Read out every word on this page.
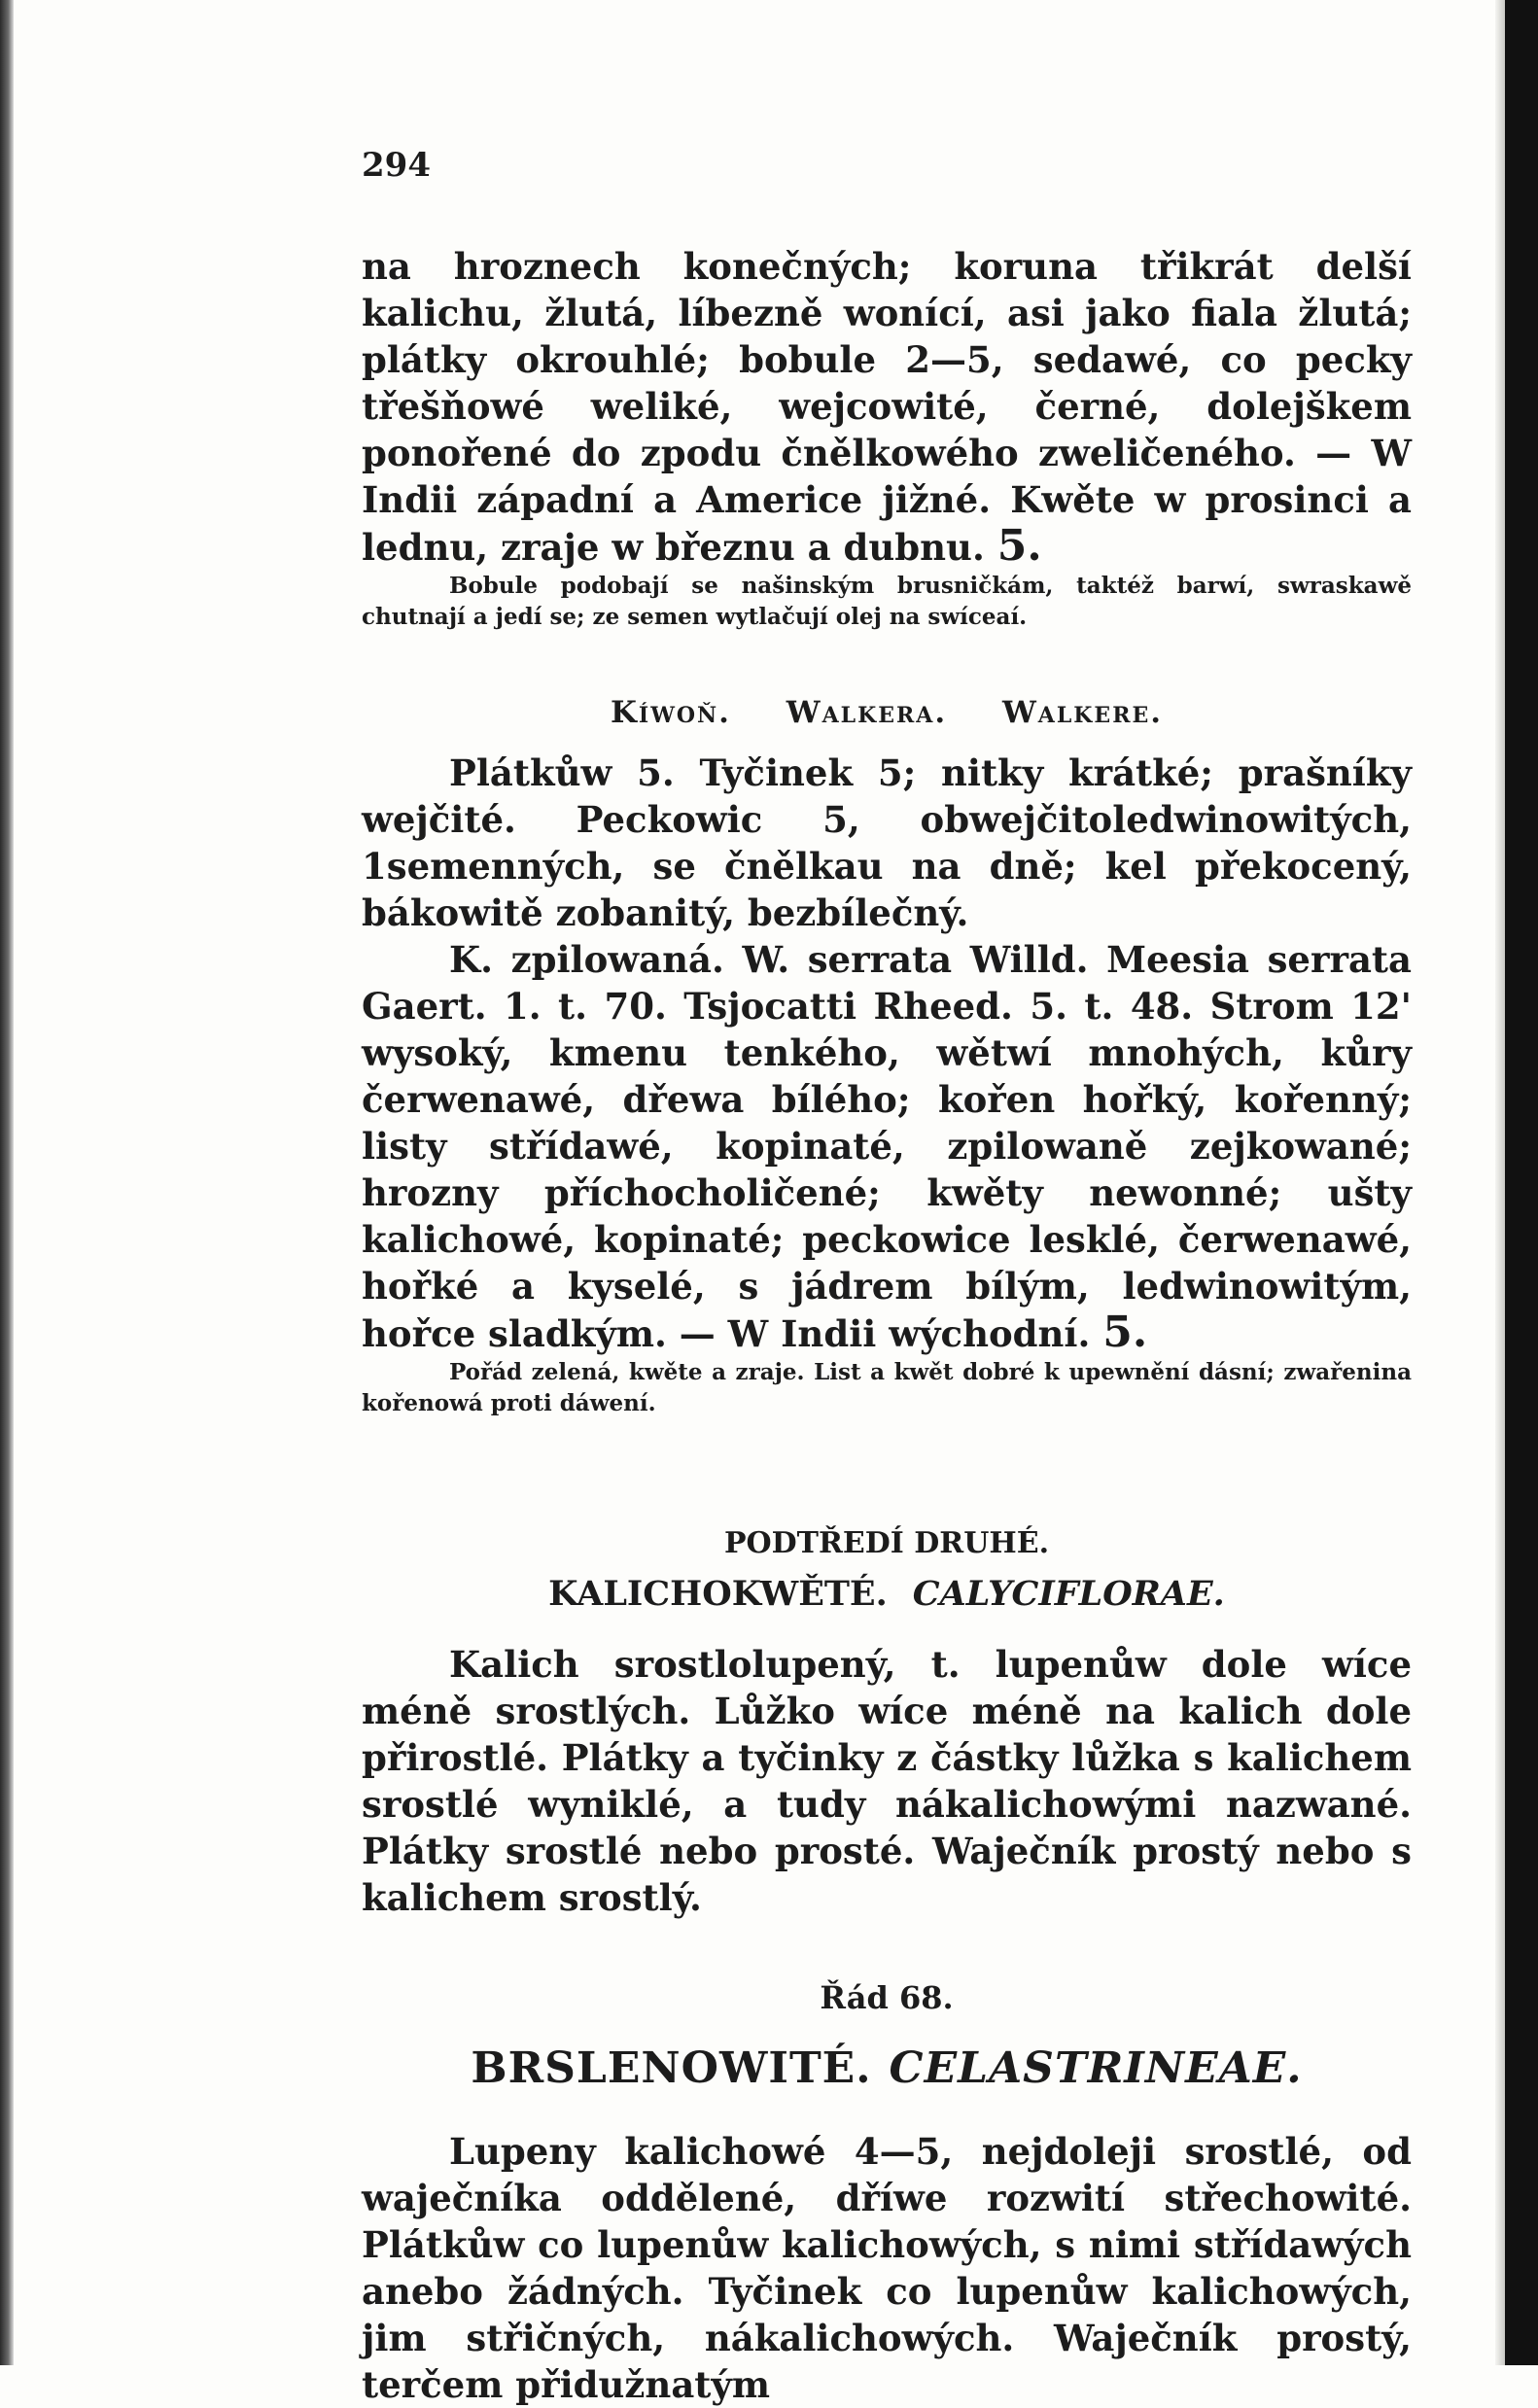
294

na hroznech konečných; koruna třikrát delší kalichu, žlutá, líbezně wonící, asi jako fiala žlutá; plátky okrouhlé; bobule 2—5, sedawé, co pecky třešňowé weliké, wejcowité, černé, dolejškem ponořené do zpodu čnělkowého zweličeného. — W Indii západní a Americe jižné. Kwěte w prosinci a lednu, zraje w březnu a dubnu. 5.

Bobule podobají se našinským brusničkám, taktéž barwí, swraskawě chutnají a jedí se; ze semen wytlačují olej na swíceaí.
Kíwoň. Walkera. Walkere.

Plátkůw 5. Tyčinek 5; nitky krátké; prašníky wejčité. Peckowic 5, obwejčitoledwinowitých, 1semenných, se čnělkau na dně; kel překocený, bákowitě zobanitý, bezbílečný.

K. zpilowaná. W. serrata Willd. Meesia serrata Gaert. 1. t. 70. Tsjocatti Rheed. 5. t. 48. Strom 12' wysoký, kmenu tenkého, wětwí mnohých, kůry čerwenawé, dřewa bílého; kořen hořký, kořenný; listy střídawé, kopinaté, zpilowaně zejkowané; hrozny příchocholičené; kwěty newonné; ušty kalichowé, kopinaté; peckowice lesklé, čerwenawé, hořké a kyselé, s jádrem bílým, ledwinowitým, hořce sladkým. — W Indii wýchodní. 5.

Pořád zelená, kwěte a zraje. List a kwět dobré k upewnění dásní; zwařenina kořenowá proti dáwení.
PODTŘEDÍ DRUHÉ.
KALICHOKWĚTÉ. CALYCIFLORAE.

Kalich srostlolupený, t. lupenůw dole wíce méně srostlých. Lůžko wíce méně na kalich dole přirostlé. Plátky a tyčinky z částky lůžka s kalichem srostlé wyniklé, a tudy nákalichowými nazwané. Plátky srostlé nebo prosté. Waječník prostý nebo s kalichem srostlý.

Řád 68.
BRSLENOWITÉ. CELASTRINEAE.

Lupeny kalichowé 4—5, nejdoleji srostlé, od waječníka oddělené, dříwe rozwití střechowité. Plátkůw co lupenůw kalichowých, s nimi střídawých anebo žádných. Tyčinek co lupenůw kalichowých, jim střičných, nákalichowých. Waječník prostý, terčem přidužnatým
